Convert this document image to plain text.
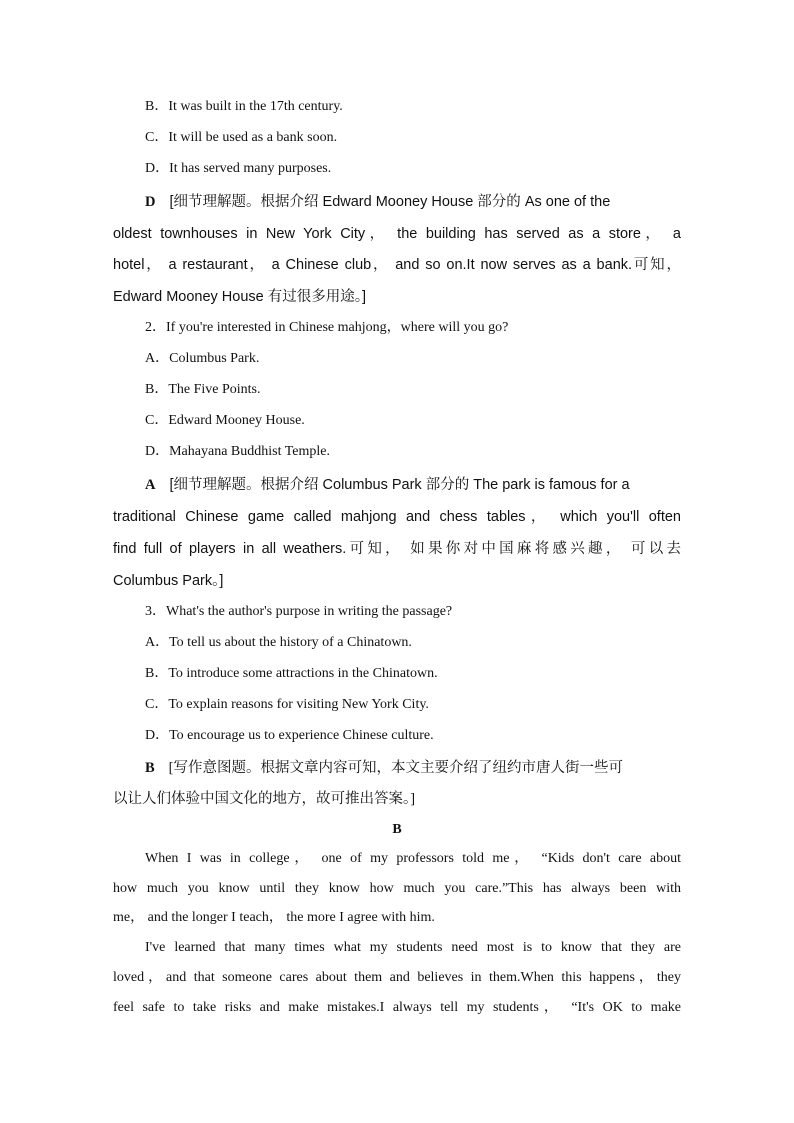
B．It was built in the 17th century.
C．It will be used as a bank soon.
D．It has served many purposes.
D [细节理解题。根据介绍 Edward Mooney House 部分的 As one of the
oldest townhouses in New York City， the building has served as a store， a
hotel， a restaurant， a Chinese club， and so on.It now serves as a bank.可知，
Edward Mooney House 有过很多用途。]
2．If you're interested in Chinese mahjong，where will you go?
A．Columbus Park.
B．The Five Points.
C．Edward Mooney House.
D．Mahayana Buddhist Temple.
A [细节理解题。根据介绍 Columbus Park 部分的 The park is famous for a
traditional Chinese game called mahjong and chess tables， which you'll often
find full of players in all weathers.可知， 如果你对中国麻将感兴趣， 可以去
Columbus Park。]
3．What's the author's purpose in writing the passage?
A．To tell us about the history of a Chinatown.
B．To introduce some attractions in the Chinatown.
C．To explain reasons for visiting New York City.
D．To encourage us to experience Chinese culture.
B [写作意图题。根据文章内容可知，本文主要介绍了纽约市唐人街一些可
以让人们体验中国文化的地方，故可推出答案。]
B
When I was in college， one of my professors told me， “Kids don't care about
how much you know until they know how much you care.”This has always been with
me， and the longer I teach， the more I agree with him.
I've learned that many times what my students need most is to know that they are
loved，and that someone cares about them and believes in them.When this happens，they
feel safe to take risks and make mistakes.I always tell my students， “It's OK to make
